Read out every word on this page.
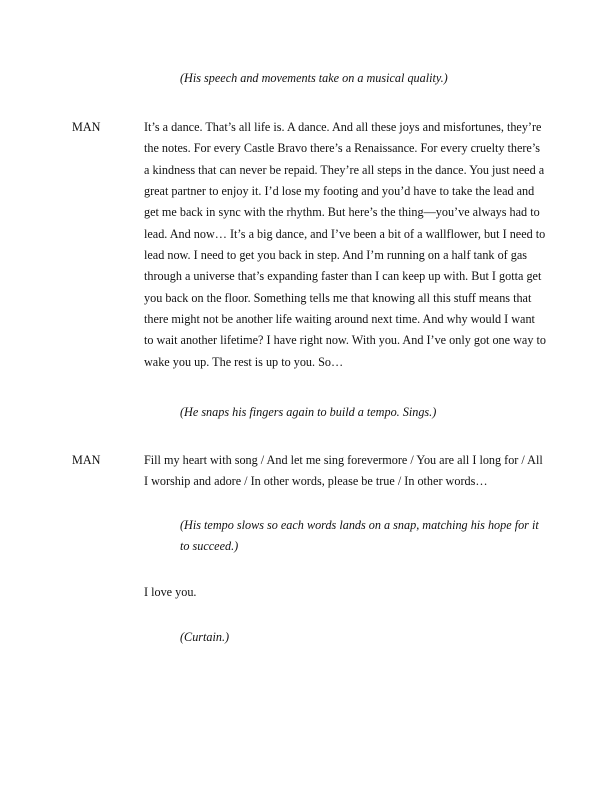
(His speech and movements take on a musical quality.)
MAN	It’s a dance. That’s all life is. A dance. And all these joys and misfortunes, they’re
the notes. For every Castle Bravo there’s a Renaissance. For every cruelty there’s
a kindness that can never be repaid. They’re all steps in the dance. You just need a
great partner to enjoy it. I’d lose my footing and you’d have to take the lead and
get me back in sync with the rhythm. But here’s the thing—you’ve always had to
lead. And now… It’s a big dance, and I’ve been a bit of a wallflower, but I need to
lead now. I need to get you back in step. And I’m running on a half tank of gas
through a universe that’s expanding faster than I can keep up with. But I gotta get
you back on the floor. Something tells me that knowing all this stuff means that
there might not be another life waiting around next time. And why would I want
to wait another lifetime? I have right now. With you. And I’ve only got one way to
wake you up. The rest is up to you. So…
(He snaps his fingers again to build a tempo. Sings.)
MAN	Fill my heart with song / And let me sing forevermore / You are all I long for / All
I worship and adore / In other words, please be true / In other words…
(His tempo slows so each words lands on a snap, matching his hope for it
to succeed.)
I love you.
(Curtain.)
